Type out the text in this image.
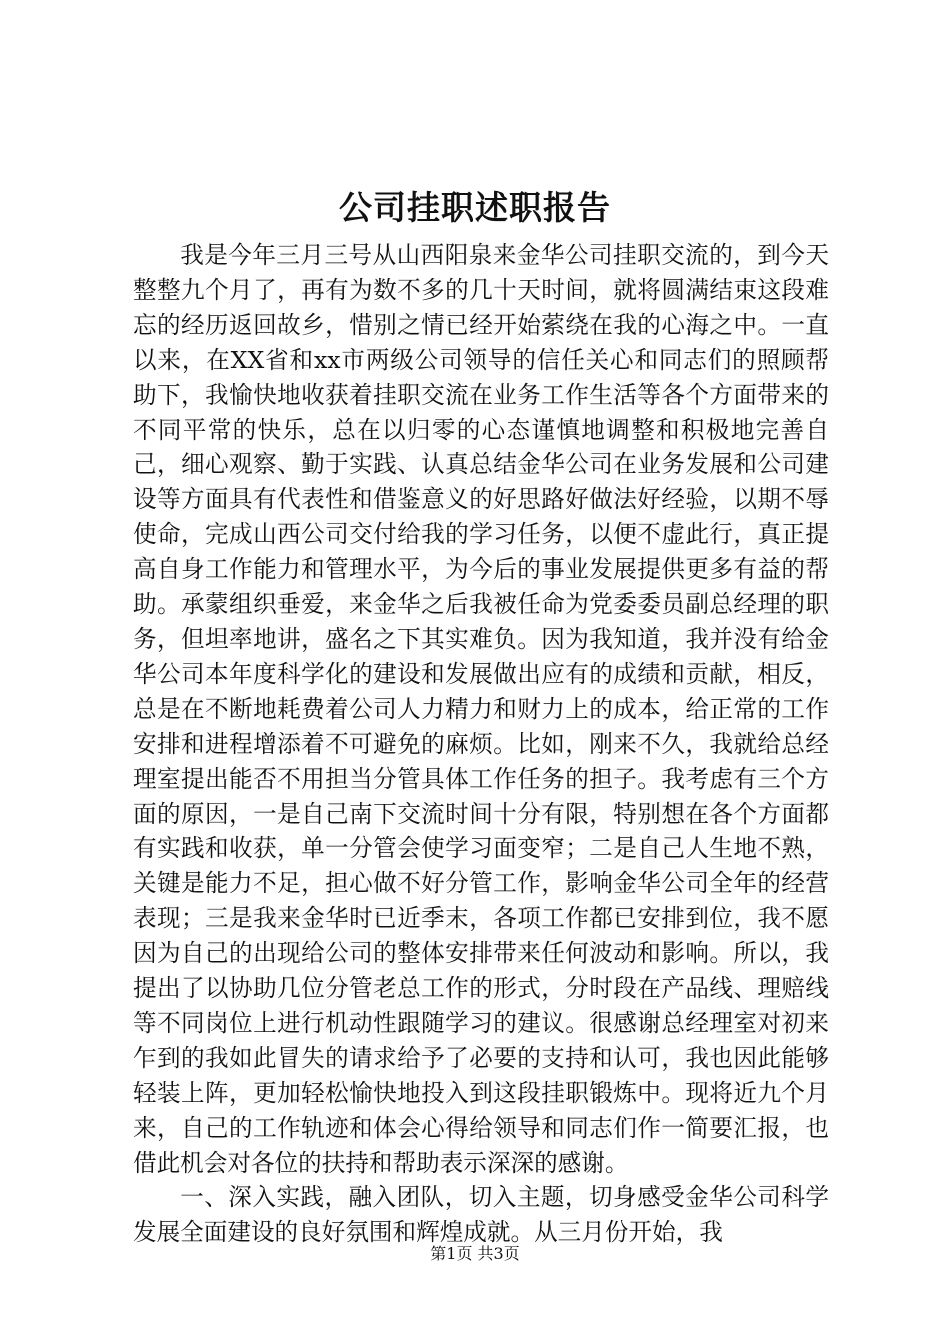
公司挂职述职报告

我是今年三月三号从山西阳泉来金华公司挂职交流的，到今天整整九个月了，再有为数不多的几十天时间，就将圆满结束这段难忘的经历返回故乡，惜别之情已经开始萦绕在我的心海之中。一直以来，在XX省和xx市两级公司领导的信任关心和同志们的照顾帮助下，我愉快地收获着挂职交流在业务工作生活等各个方面带来的不同平常的快乐，总在以归零的心态谨慎地调整和积极地完善自己，细心观察、勤于实践、认真总结金华公司在业务发展和公司建设等方面具有代表性和借鉴意义的好思路好做法好经验，以期不辱使命，完成山西公司交付给我的学习任务，以便不虚此行，真正提高自身工作能力和管理水平，为今后的事业发展提供更多有益的帮助。承蒙组织垂爱，来金华之后我被任命为党委委员副总经理的职务，但坦率地讲，盛名之下其实难负。因为我知道，我并没有给金华公司本年度科学化的建设和发展做出应有的成绩和贡献，相反，总是在不断地耗费着公司人力精力和财力上的成本，给正常的工作安排和进程增添着不可避免的麻烦。比如，刚来不久，我就给总经理室提出能否不用担当分管具体工作任务的担子。我考虑有三个方面的原因，一是自己南下交流时间十分有限，特别想在各个方面都有实践和收获，单一分管会使学习面变窄；二是自己人生地不熟，关键是能力不足，担心做不好分管工作，影响金华公司全年的经营表现；三是我来金华时已近季末，各项工作都已安排到位，我不愿因为自己的出现给公司的整体安排带来任何波动和影响。所以，我提出了以协助几位分管老总工作的形式，分时段在产品线、理赔线等不同岗位上进行机动性跟随学习的建议。很感谢总经理室对初来乍到的我如此冒失的请求给予了必要的支持和认可，我也因此能够轻装上阵，更加轻松愉快地投入到这段挂职锻炼中。现将近九个月来，自己的工作轨迹和体会心得给领导和同志们作一简要汇报，也借此机会对各位的扶持和帮助表示深深的感谢。

一、深入实践，融入团队，切入主题，切身感受金华公司科学发展全面建设的良好氛围和辉煌成就。从三月份开始，我

第1页 共3页
